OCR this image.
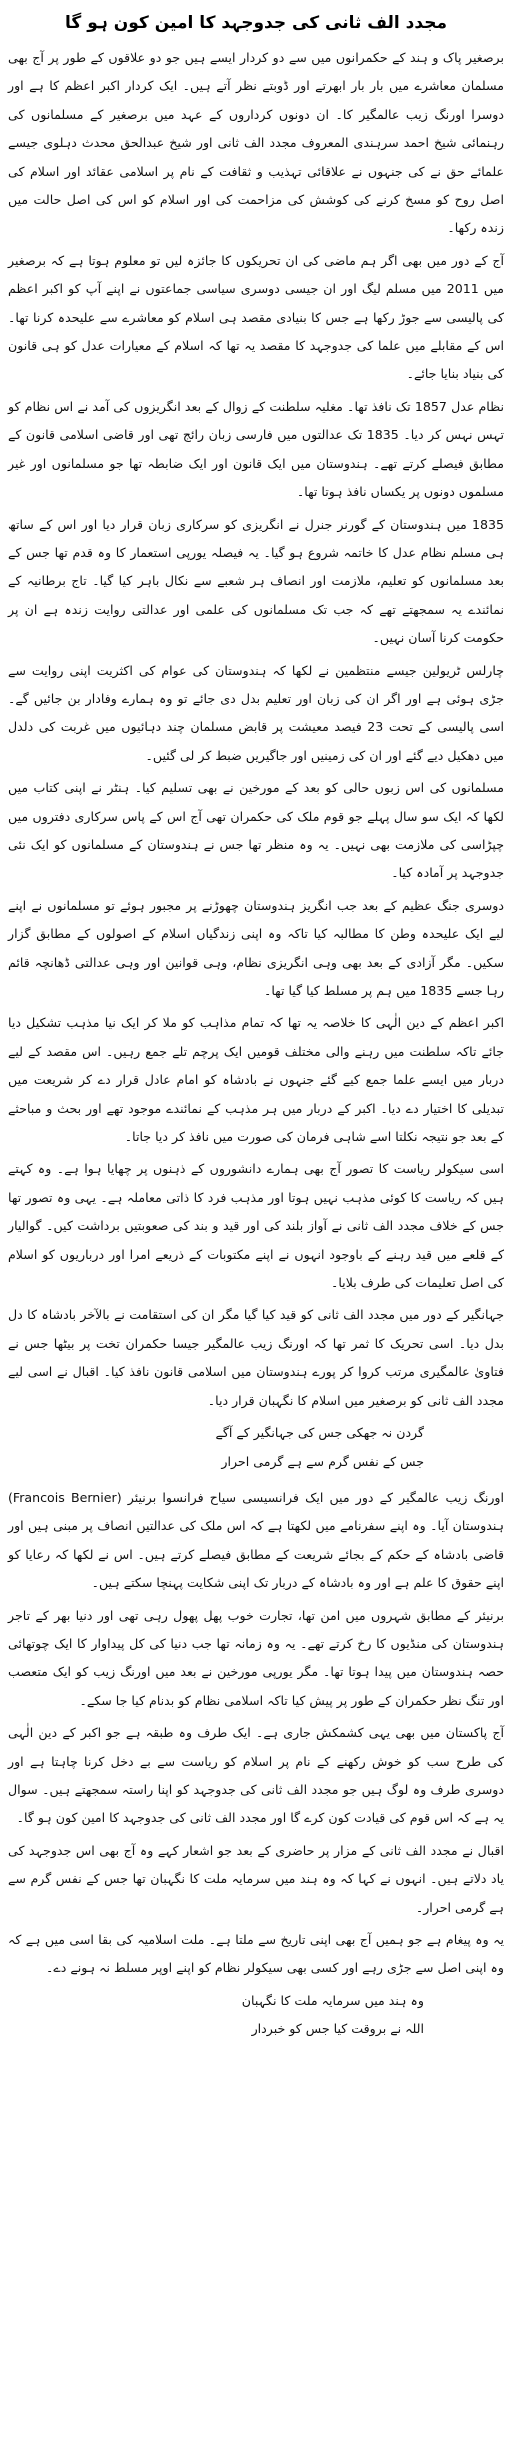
مجدد الف ثانی کی جدوجہد کا امین کون ہو گا

برصغیر پاک و ہند کے حکمرانوں میں سے دو کردار ایسے ہیں جو دو علاقوں کے طور پر آج بھی مسلمان معاشرے میں بار بار ابھرتے اور ڈوبتے نظر آتے ہیں۔ ایک کردار اکبر اعظم کا ہے اور دوسرا اورنگ زیب عالمگیر کا۔ ان دونوں کرداروں کے عہد میں برصغیر کے مسلمانوں کی رہنمائی شیخ احمد سرہندی المعروف مجدد الف ثانی اور شیخ عبدالحق محدث دہلوی جیسے علمائے حق نے کی جنہوں نے علاقائی تہذیب و ثقافت کے نام پر اسلامی عقائد اور اسلام کی اصل روح کو مسخ کرنے کی کوشش کی مزاحمت کی اور اسلام کو اس کی اصل حالت میں زندہ رکھا۔

آج کے دور میں بھی اگر ہم ماضی کی ان تحریکوں کا جائزہ لیں تو معلوم ہوتا ہے کہ برصغیر میں 2011 میں مسلم لیگ اور ان جیسی دوسری سیاسی جماعتوں نے اپنے آپ کو اکبر اعظم کی پالیسی سے جوڑ رکھا ہے جس کا بنیادی مقصد ہی اسلام کو معاشرے سے علیحدہ کرنا تھا۔ اس کے مقابلے میں علما کی جدوجہد کا مقصد یہ تھا کہ اسلام کے معیارات عدل کو ہی قانون کی بنیاد بنایا جائے۔

نظام عدل 1857 تک نافذ تھا۔ مغلیہ سلطنت کے زوال کے بعد انگریزوں کی آمد نے اس نظام کو تہس نہس کر دیا۔ 1835 تک عدالتوں میں فارسی زبان رائج تھی اور قاضی اسلامی قانون کے مطابق فیصلے کرتے تھے۔ ہندوستان میں ایک قانون اور ایک ضابطہ تھا جو مسلمانوں اور غیر مسلموں دونوں پر یکساں نافذ ہوتا تھا۔

1835 میں ہندوستان کے گورنر جنرل نے انگریزی کو سرکاری زبان قرار دیا اور اس کے ساتھ ہی مسلم نظام عدل کا خاتمہ شروع ہو گیا۔ یہ فیصلہ یورپی استعمار کا وہ قدم تھا جس کے بعد مسلمانوں کو تعلیم، ملازمت اور انصاف ہر شعبے سے نکال باہر کیا گیا۔ تاج برطانیہ کے نمائندے یہ سمجھتے تھے کہ جب تک مسلمانوں کی علمی اور عدالتی روایت زندہ ہے ان پر حکومت کرنا آسان نہیں۔

چارلس ٹریولین جیسے منتظمین نے لکھا کہ ہندوستان کی عوام کی اکثریت اپنی روایت سے جڑی ہوئی ہے اور اگر ان کی زبان اور تعلیم بدل دی جائے تو وہ ہمارے وفادار بن جائیں گے۔ اسی پالیسی کے تحت 23 فیصد معیشت پر قابض مسلمان چند دہائیوں میں غربت کی دلدل میں دھکیل دیے گئے اور ان کی زمینیں اور جاگیریں ضبط کر لی گئیں۔

مسلمانوں کی اس زبوں حالی کو بعد کے مورخین نے بھی تسلیم کیا۔ ہنٹر نے اپنی کتاب میں لکھا کہ ایک سو سال پہلے جو قوم ملک کی حکمران تھی آج اس کے پاس سرکاری دفتروں میں چپڑاسی کی ملازمت بھی نہیں۔ یہ وہ منظر تھا جس نے ہندوستان کے مسلمانوں کو ایک نئی جدوجہد پر آمادہ کیا۔

دوسری جنگ عظیم کے بعد جب انگریز ہندوستان چھوڑنے پر مجبور ہوئے تو مسلمانوں نے اپنے لیے ایک علیحدہ وطن کا مطالبہ کیا تاکہ وہ اپنی زندگیاں اسلام کے اصولوں کے مطابق گزار سکیں۔ مگر آزادی کے بعد بھی وہی انگریزی نظام، وہی قوانین اور وہی عدالتی ڈھانچہ قائم رہا جسے 1835 میں ہم پر مسلط کیا گیا تھا۔

اکبر اعظم کے دین الٰہی کا خلاصہ یہ تھا کہ تمام مذاہب کو ملا کر ایک نیا مذہب تشکیل دیا جائے تاکہ سلطنت میں رہنے والی مختلف قومیں ایک پرچم تلے جمع رہیں۔ اس مقصد کے لیے دربار میں ایسے علما جمع کیے گئے جنہوں نے بادشاہ کو امام عادل قرار دے کر شریعت میں تبدیلی کا اختیار دے دیا۔ اکبر کے دربار میں ہر مذہب کے نمائندے موجود تھے اور بحث و مباحثے کے بعد جو نتیجہ نکلتا اسے شاہی فرمان کی صورت میں نافذ کر دیا جاتا۔

اسی سیکولر ریاست کا تصور آج بھی ہمارے دانشوروں کے ذہنوں پر چھایا ہوا ہے۔ وہ کہتے ہیں کہ ریاست کا کوئی مذہب نہیں ہوتا اور مذہب فرد کا ذاتی معاملہ ہے۔ یہی وہ تصور تھا جس کے خلاف مجدد الف ثانی نے آواز بلند کی اور قید و بند کی صعوبتیں برداشت کیں۔ گوالیار کے قلعے میں قید رہنے کے باوجود انہوں نے اپنے مکتوبات کے ذریعے امرا اور درباریوں کو اسلام کی اصل تعلیمات کی طرف بلایا۔

جہانگیر کے دور میں مجدد الف ثانی کو قید کیا گیا مگر ان کی استقامت نے بالآخر بادشاہ کا دل بدل دیا۔ اسی تحریک کا ثمر تھا کہ اورنگ زیب عالمگیر جیسا حکمران تخت پر بیٹھا جس نے فتاویٰ عالمگیری مرتب کروا کر پورے ہندوستان میں اسلامی قانون نافذ کیا۔ اقبال نے اسی لیے مجدد الف ثانی کو برصغیر میں اسلام کا نگہبان قرار دیا۔

گردن نہ جھکی جس کی جہانگیر کے آگے
جس کے نفس گرم سے ہے گرمی احرار

اورنگ زیب عالمگیر کے دور میں ایک فرانسیسی سیاح فرانسوا برنیئر (Francois Bernier) ہندوستان آیا۔ وہ اپنے سفرنامے میں لکھتا ہے کہ اس ملک کی عدالتیں انصاف پر مبنی ہیں اور قاضی بادشاہ کے حکم کے بجائے شریعت کے مطابق فیصلے کرتے ہیں۔ اس نے لکھا کہ رعایا کو اپنے حقوق کا علم ہے اور وہ بادشاہ کے دربار تک اپنی شکایت پہنچا سکتے ہیں۔

برنیئر کے مطابق شہروں میں امن تھا، تجارت خوب پھل پھول رہی تھی اور دنیا بھر کے تاجر ہندوستان کی منڈیوں کا رخ کرتے تھے۔ یہ وہ زمانہ تھا جب دنیا کی کل پیداوار کا ایک چوتھائی حصہ ہندوستان میں پیدا ہوتا تھا۔ مگر یورپی مورخین نے بعد میں اورنگ زیب کو ایک متعصب اور تنگ نظر حکمران کے طور پر پیش کیا تاکہ اسلامی نظام کو بدنام کیا جا سکے۔

آج پاکستان میں بھی یہی کشمکش جاری ہے۔ ایک طرف وہ طبقہ ہے جو اکبر کے دین الٰہی کی طرح سب کو خوش رکھنے کے نام پر اسلام کو ریاست سے بے دخل کرنا چاہتا ہے اور دوسری طرف وہ لوگ ہیں جو مجدد الف ثانی کی جدوجہد کو اپنا راستہ سمجھتے ہیں۔ سوال یہ ہے کہ اس قوم کی قیادت کون کرے گا اور مجدد الف ثانی کی جدوجہد کا امین کون ہو گا۔

اقبال نے مجدد الف ثانی کے مزار پر حاضری کے بعد جو اشعار کہے وہ آج بھی اس جدوجہد کی یاد دلاتے ہیں۔ انہوں نے کہا کہ وہ ہند میں سرمایہ ملت کا نگہبان تھا جس کے نفس گرم سے ہے گرمی احرار۔

یہ وہ پیغام ہے جو ہمیں آج بھی اپنی تاریخ سے ملتا ہے۔ ملت اسلامیہ کی بقا اسی میں ہے کہ وہ اپنی اصل سے جڑی رہے اور کسی بھی سیکولر نظام کو اپنے اوپر مسلط نہ ہونے دے۔

وہ ہند میں سرمایہ ملت کا نگہبان
اللہ نے بروقت کیا جس کو خبردار
